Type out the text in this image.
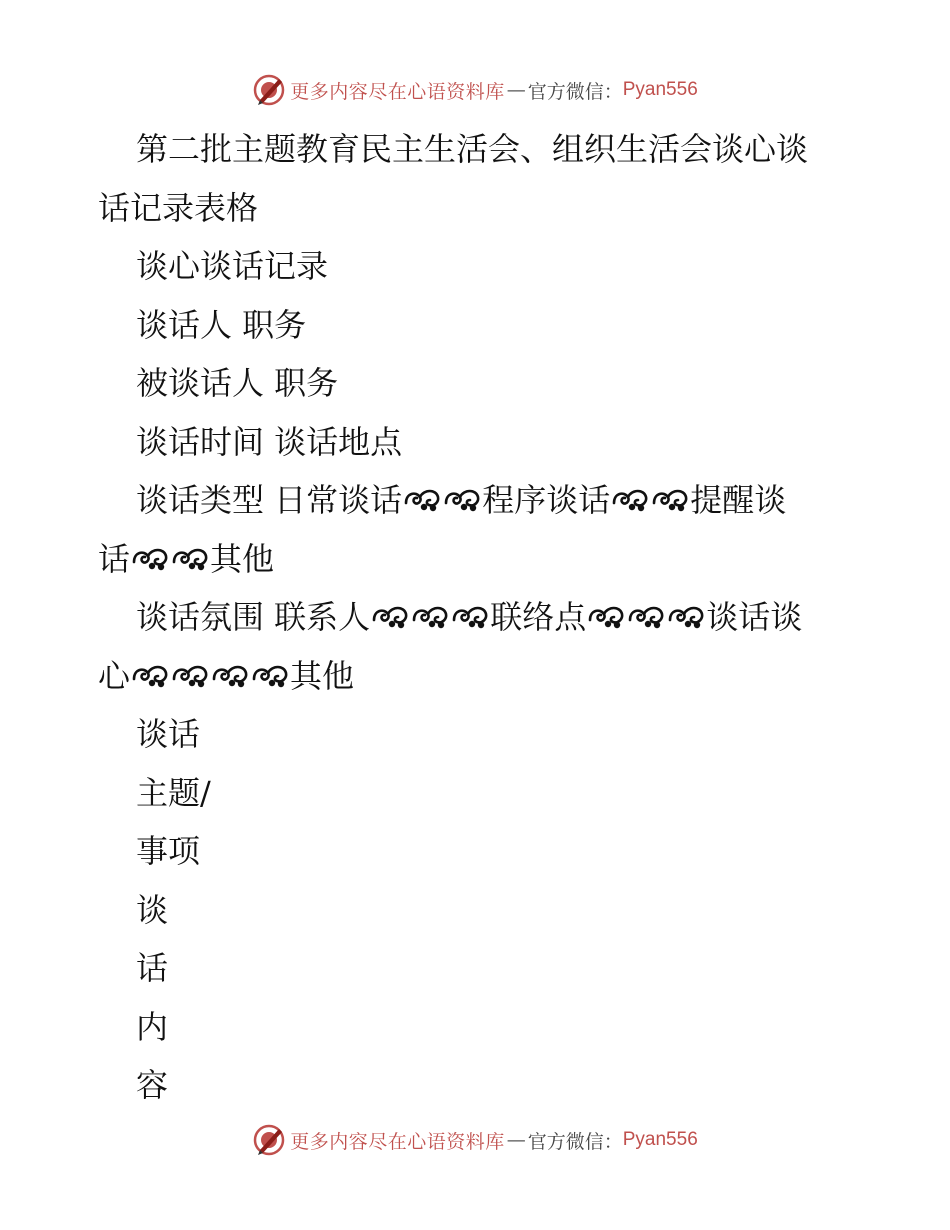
更多内容尽在心语资料库 — 官方微信： Pyan556

第二批主题教育民主生活会、组织生活会谈心谈

话记录表格

谈心谈话记录

谈话人 职务

被谈话人 职务

谈话时间 谈话地点

谈话类型 日常谈话	程序谈话	提醒谈

话	其他

谈话氛围 联系人	联络点	谈话谈

心	其他

谈话

主题/

事项

谈

话

内

容

更多内容尽在心语资料库 — 官方微信： Pyan556
